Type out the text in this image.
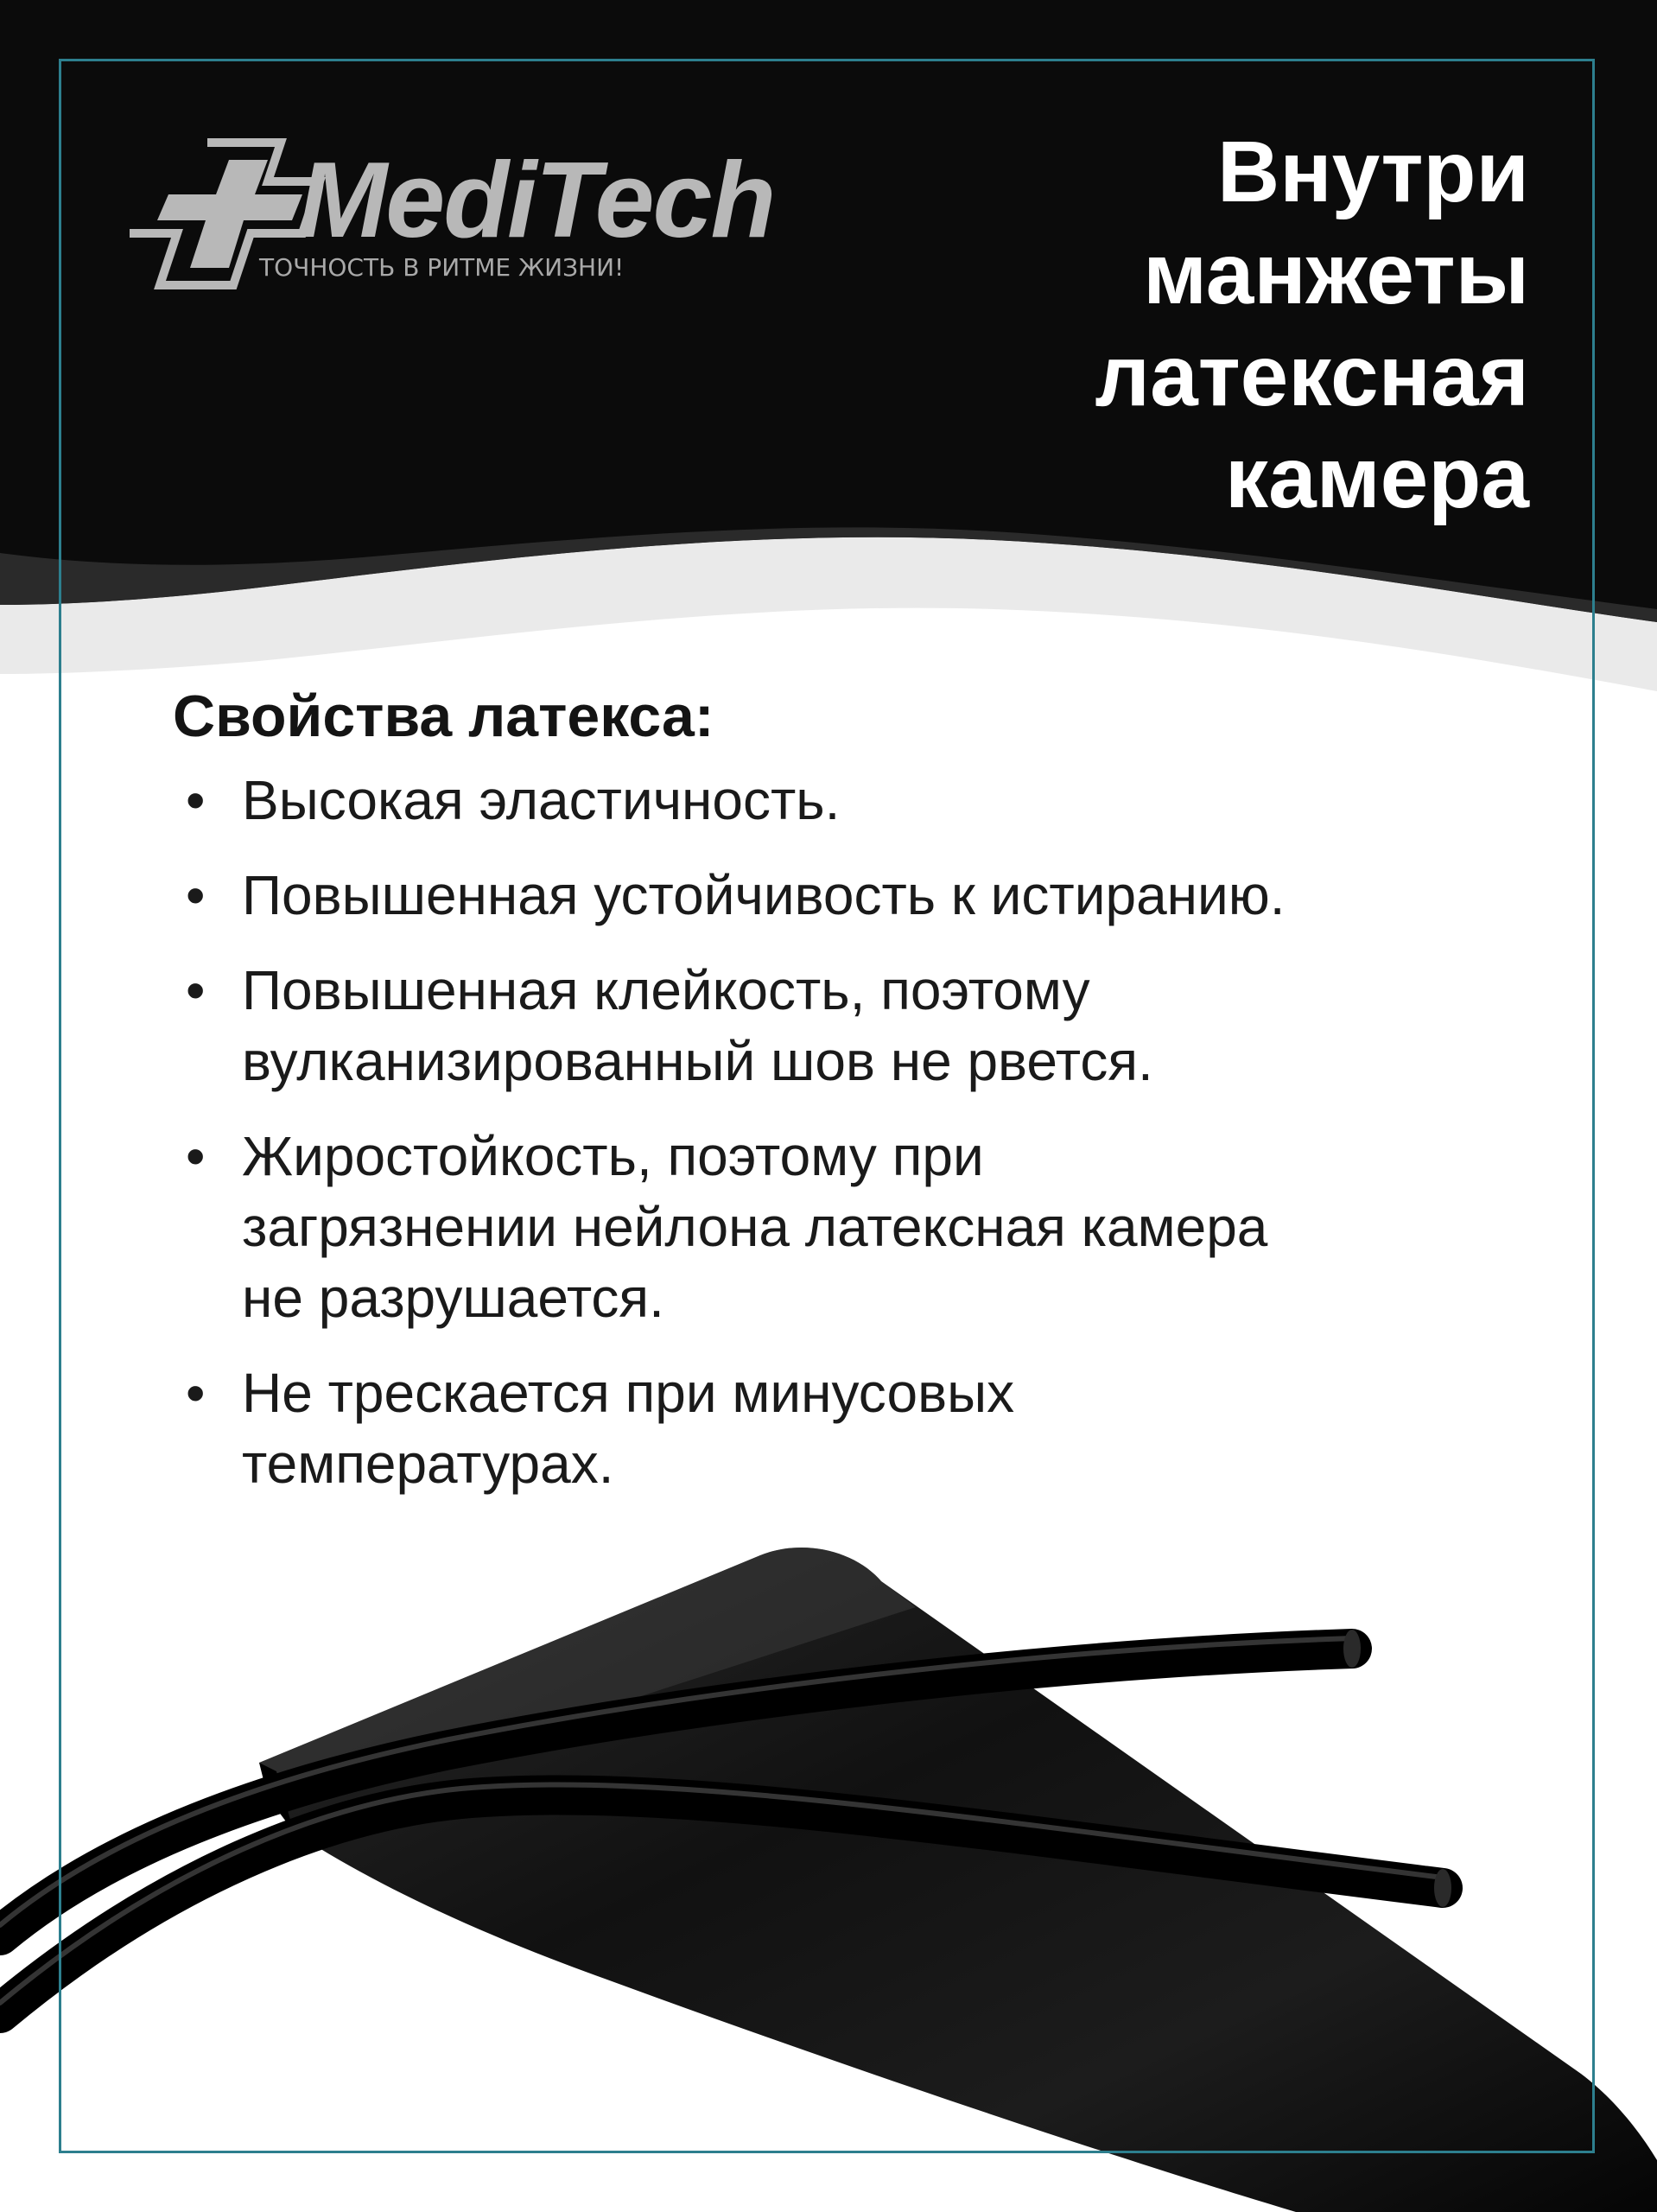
MediTech
ТОЧНОСТЬ В РИТМЕ ЖИЗНИ!
Внутри
манжеты
латексная
камера
Свойства латекса:
• Высокая эластичность.
• Повышенная устойчивость к истиранию.
• Повышенная клейкость, поэтому
вулканизированный шов не рвется.
• Жиростойкость, поэтому при
загрязнении нейлона латексная камера
не разрушается.
• Не трескается при минусовых
температурах.
